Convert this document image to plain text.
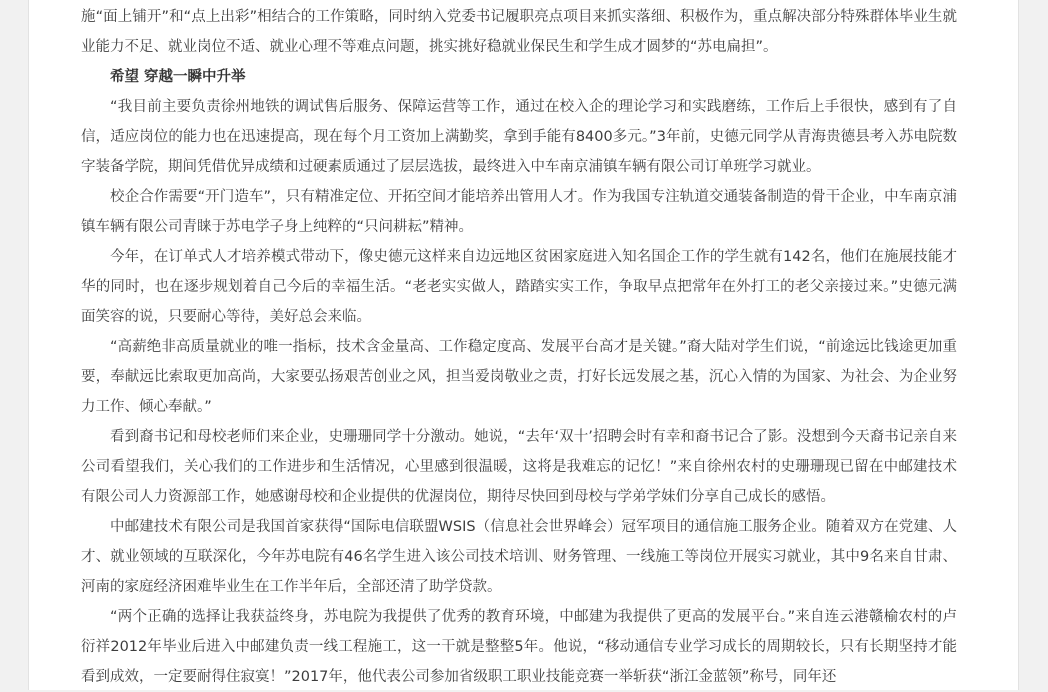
施“面上铺开”和“点上出彩”相结合的工作策略，同时纳入党委书记履职亮点项目来抓实落细、积极作为，重点解决部分特殊群体毕业生就业能力不足、就业岗位不适、就业心理不等难点问题，挑实挑好稳就业保民生和学生成才圆梦的“苏电扁担”。

希望 穿越一瞬中升举

“我目前主要负责徐州地铁的调试售后服务、保障运营等工作，通过在校入企的理论学习和实践磨练，工作后上手很快，感到有了自信，适应岗位的能力也在迅速提高，现在每个月工资加上满勤奖，拿到手能有8400多元。”3年前，史德元同学从青海贵德县考入苏电院数字装备学院，期间凭借优异成绩和过硬素质通过了层层选拔，最终进入中车南京浦镇车辆有限公司订单班学习就业。

校企合作需要“开门造车”，只有精准定位、开拓空间才能培养出管用人才。作为我国专注轨道交通装备制造的骨干企业，中车南京浦镇车辆有限公司青睐于苏电学子身上纯粹的“只问耕耘”精神。

今年，在订单式人才培养模式带动下，像史德元这样来自边远地区贫困家庭进入知名国企工作的学生就有142名，他们在施展技能才华的同时，也在逐步规划着自己今后的幸福生活。“老老实实做人，踏踏实实工作，争取早点把常年在外打工的老父亲接过来。”史德元满面笑容的说，只要耐心等待，美好总会来临。

“高薪绝非高质量就业的唯一指标，技术含金量高、工作稳定度高、发展平台高才是关键。”裔大陆对学生们说，“前途远比钱途更加重要，奉献远比索取更加高尚，大家要弘扬艰苦创业之风，担当爱岗敬业之责，打好长远发展之基，沉心入情的为国家、为社会、为企业努力工作、倾心奉献。”

看到裔书记和母校老师们来企业，史珊珊同学十分激动。她说，“去年‘双十’招聘会时有幸和裔书记合了影。没想到今天裔书记亲自来公司看望我们，关心我们的工作进步和生活情况，心里感到很温暖，这将是我难忘的记忆！”来自徐州农村的史珊珊现已留在中邮建技术有限公司人力资源部工作，她感谢母校和企业提供的优渥岗位，期待尽快回到母校与学弟学妹们分享自己成长的感悟。

中邮建技术有限公司是我国首家获得“国际电信联盟WSIS（信息社会世界峰会）冠军项目的通信施工服务企业。随着双方在党建、人才、就业领域的互联深化，今年苏电院有46名学生进入该公司技术培训、财务管理、一线施工等岗位开展实习就业，其中9名来自甘肃、河南的家庭经济困难毕业生在工作半年后，全部还清了助学贷款。

“两个正确的选择让我获益终身，苏电院为我提供了优秀的教育环境，中邮建为我提供了更高的发展平台。”来自连云港赣榆农村的卢衍祥2012年毕业后进入中邮建负责一线工程施工，这一干就是整整5年。他说，“移动通信专业学习成长的周期较长，只有长期坚持才能看到成效，一定要耐得住寂寞！”2017年，他代表公司参加省级职工职业技能竞赛一举斩获“浙江金蓝领”称号，同年还
